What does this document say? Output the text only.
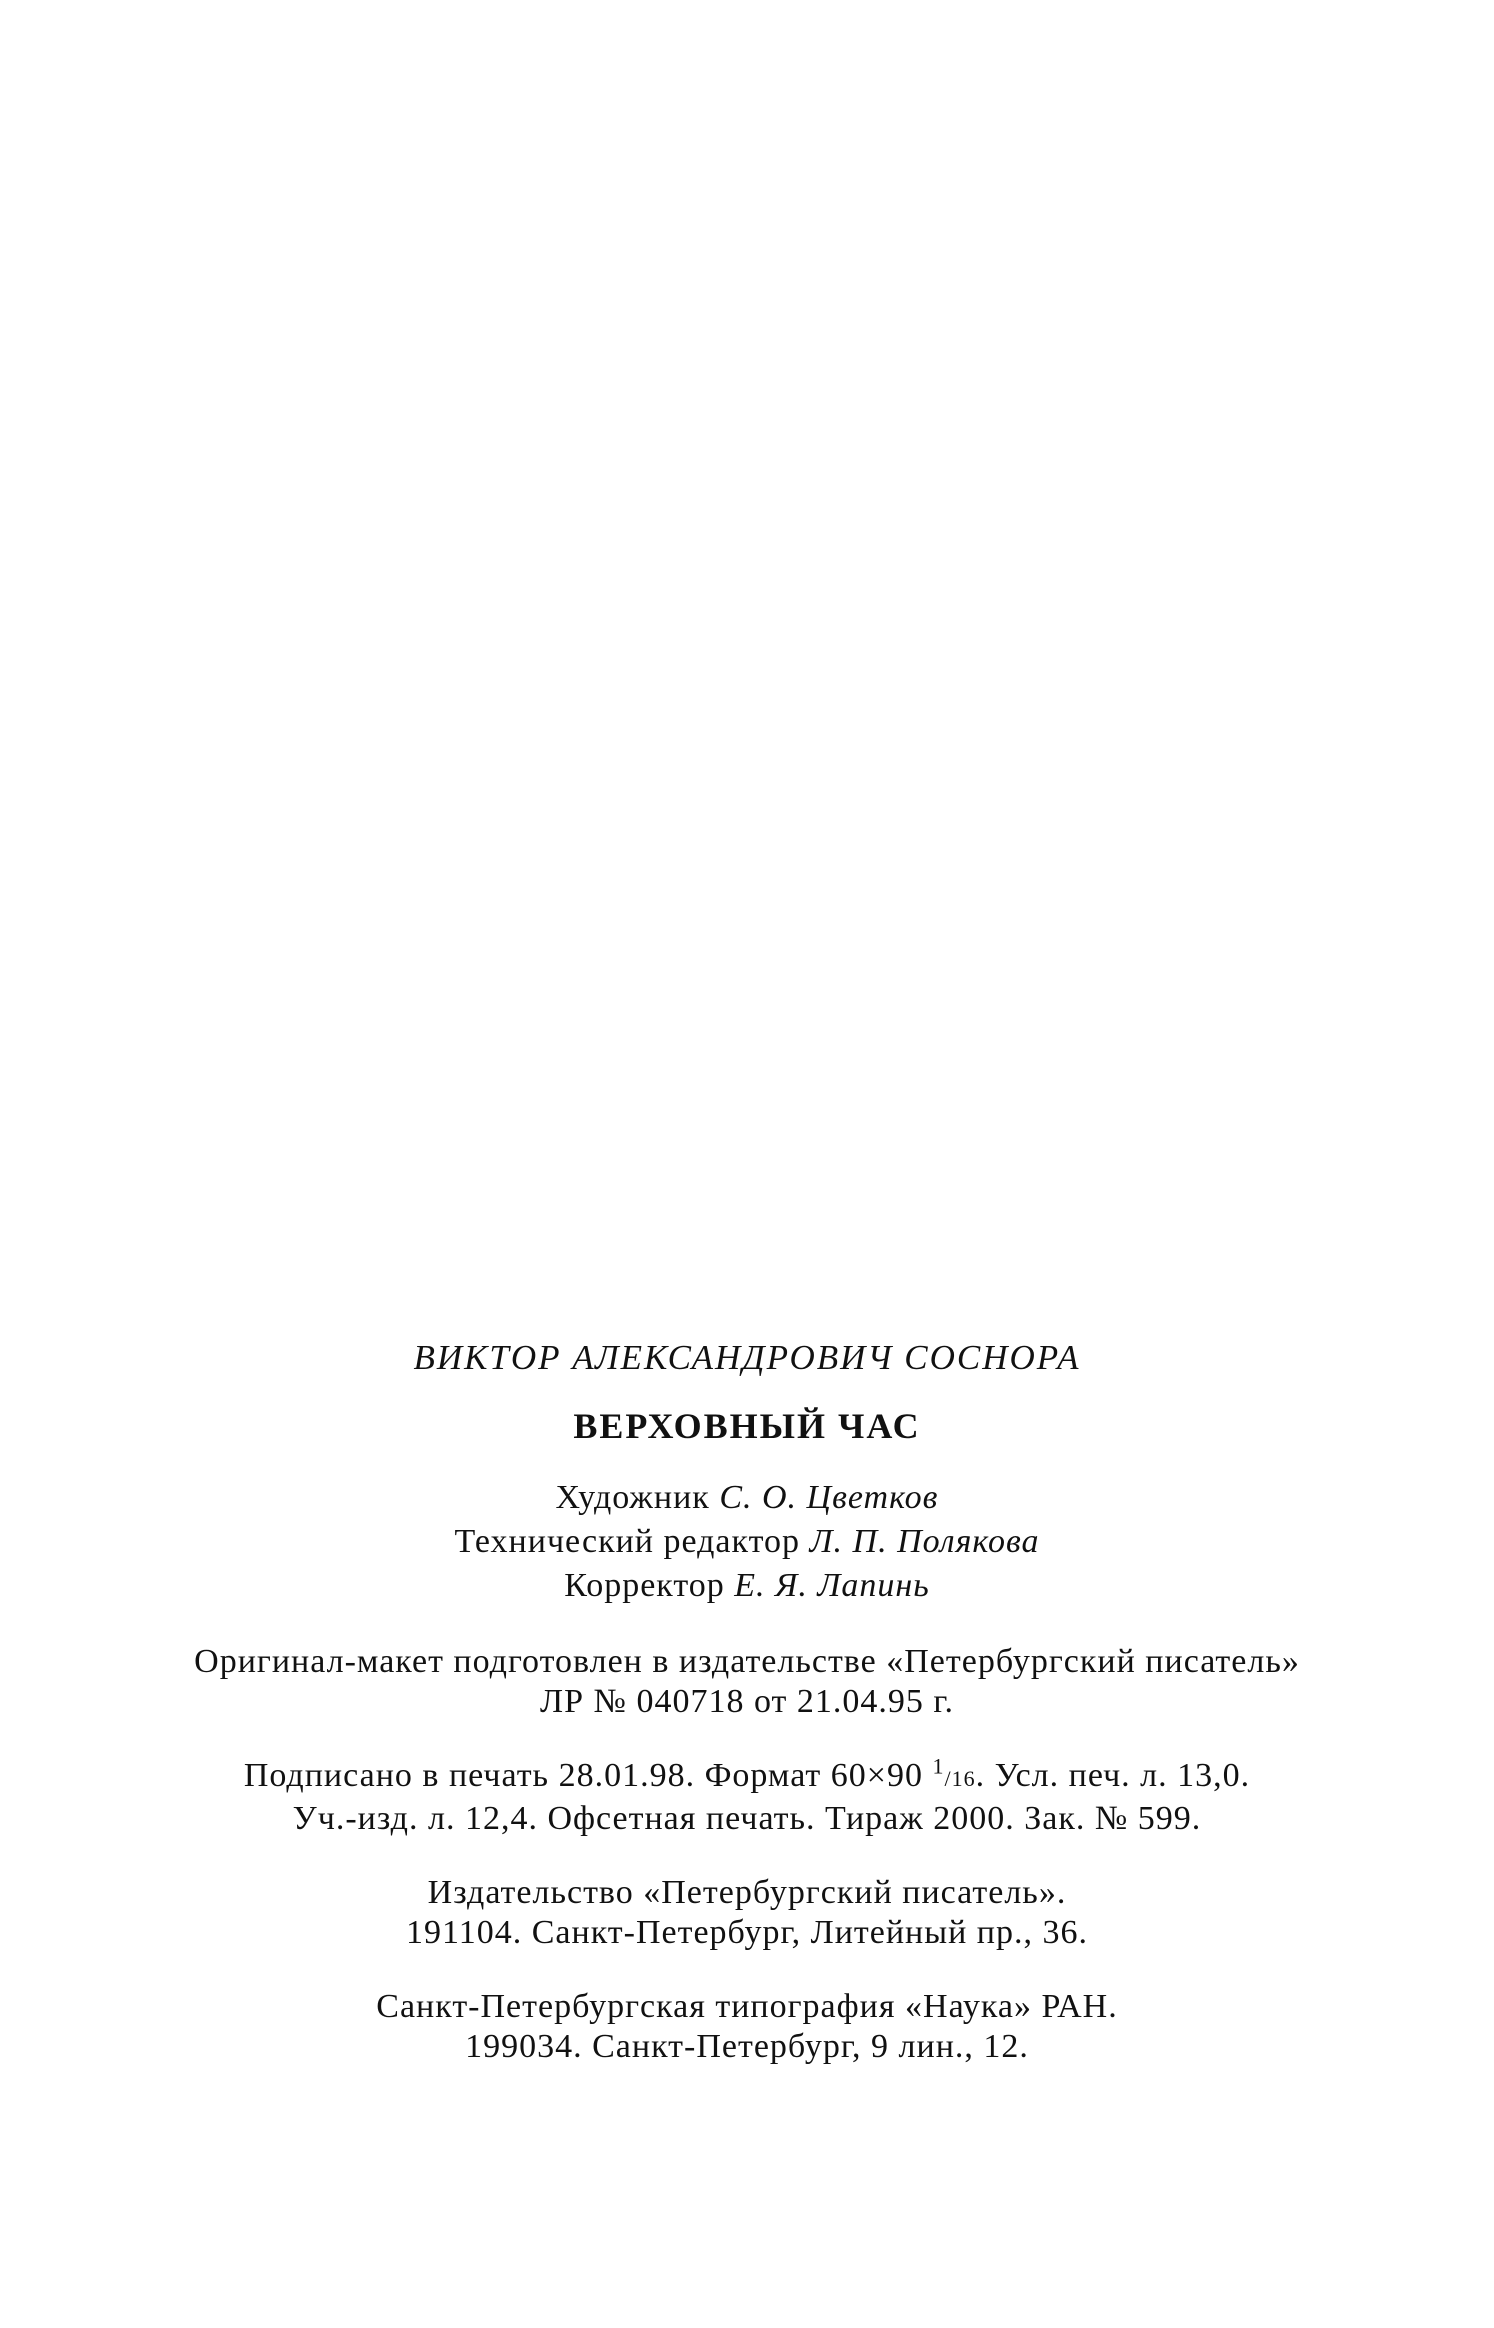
ВИКТОР АЛЕКСАНДРОВИЧ СОСНОРА
ВЕРХОВНЫЙ ЧАС
Художник С. О. Цветков
Технический редактор Л. П. Полякова
Корректор Е. Я. Лапинь
Оригинал-макет подготовлен в издательстве «Петербургский писатель»
ЛР № 040718 от 21.04.95 г.
Подписано в печать 28.01.98. Формат 60×90 $^1$/16. Усл. печ. л. 13,0.
Уч.-изд. л. 12,4. Офсетная печать. Тираж 2000. Зак. № 599.
Издательство «Петербургский писатель».
191104. Санкт-Петербург, Литейный пр., 36.
Санкт-Петербургская типография «Наука» РАН.
199034. Санкт-Петербург, 9 лин., 12.
